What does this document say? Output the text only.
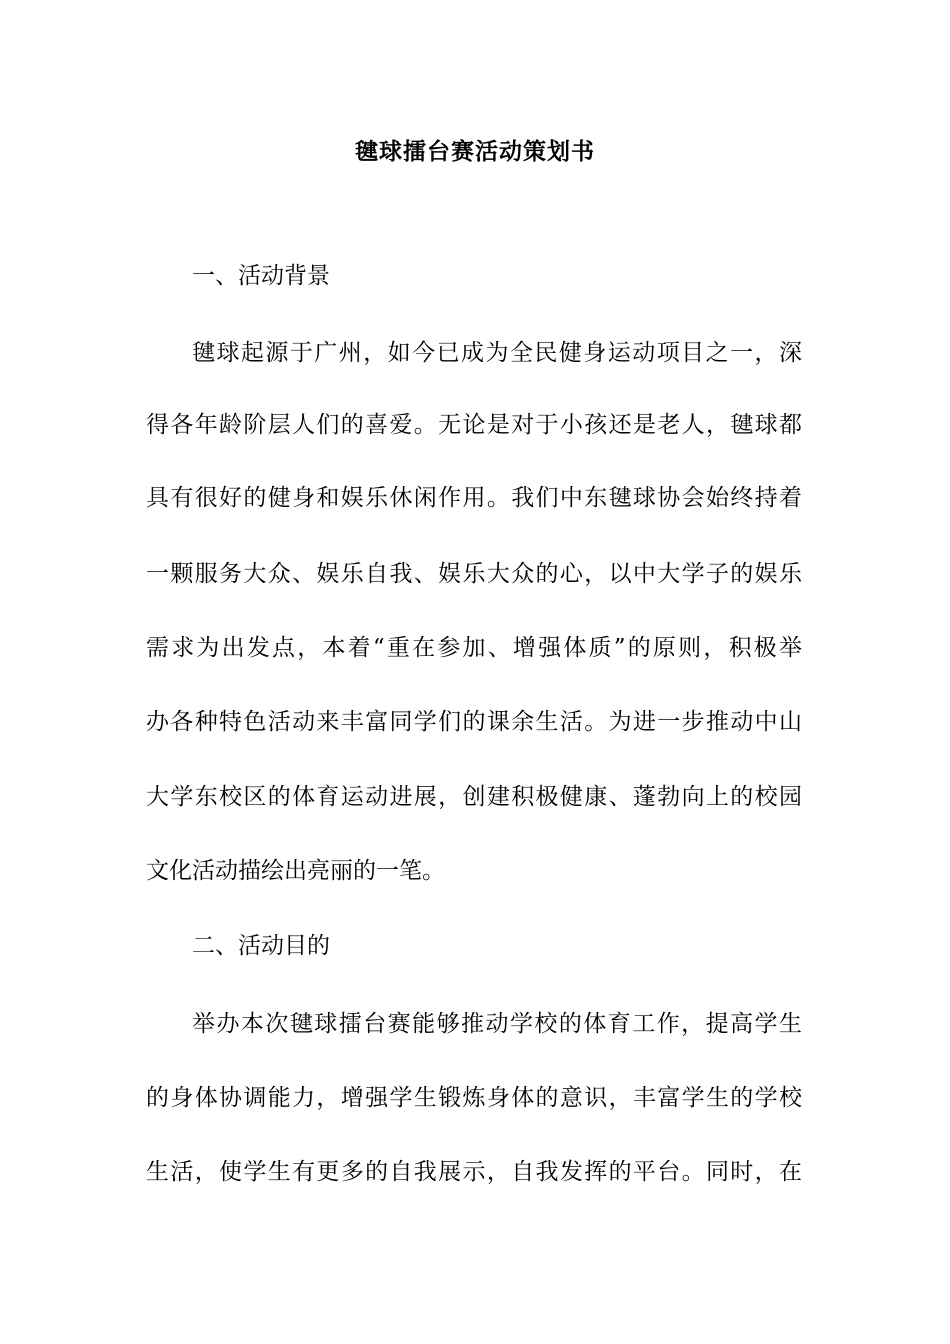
毽球擂台赛活动策划书
一、活动背景
毽球起源于广州，如今已成为全民健身运动项目之一，深
得各年龄阶层人们的喜爱。无论是对于小孩还是老人，毽球都
具有很好的健身和娱乐休闲作用。我们中东毽球协会始终持着
一颗服务大众、娱乐自我、娱乐大众的心，以中大学子的娱乐
需求为出发点，本着“重在参加、增强体质”的原则，积极举
办各种特色活动来丰富同学们的课余生活。为进一步推动中山
大学东校区的体育运动进展，创建积极健康、蓬勃向上的校园
文化活动描绘出亮丽的一笔。
二、活动目的
举办本次毽球擂台赛能够推动学校的体育工作，提高学生
的身体协调能力，增强学生锻炼身体的意识，丰富学生的学校
生活，使学生有更多的自我展示，自我发挥的平台。同时，在
